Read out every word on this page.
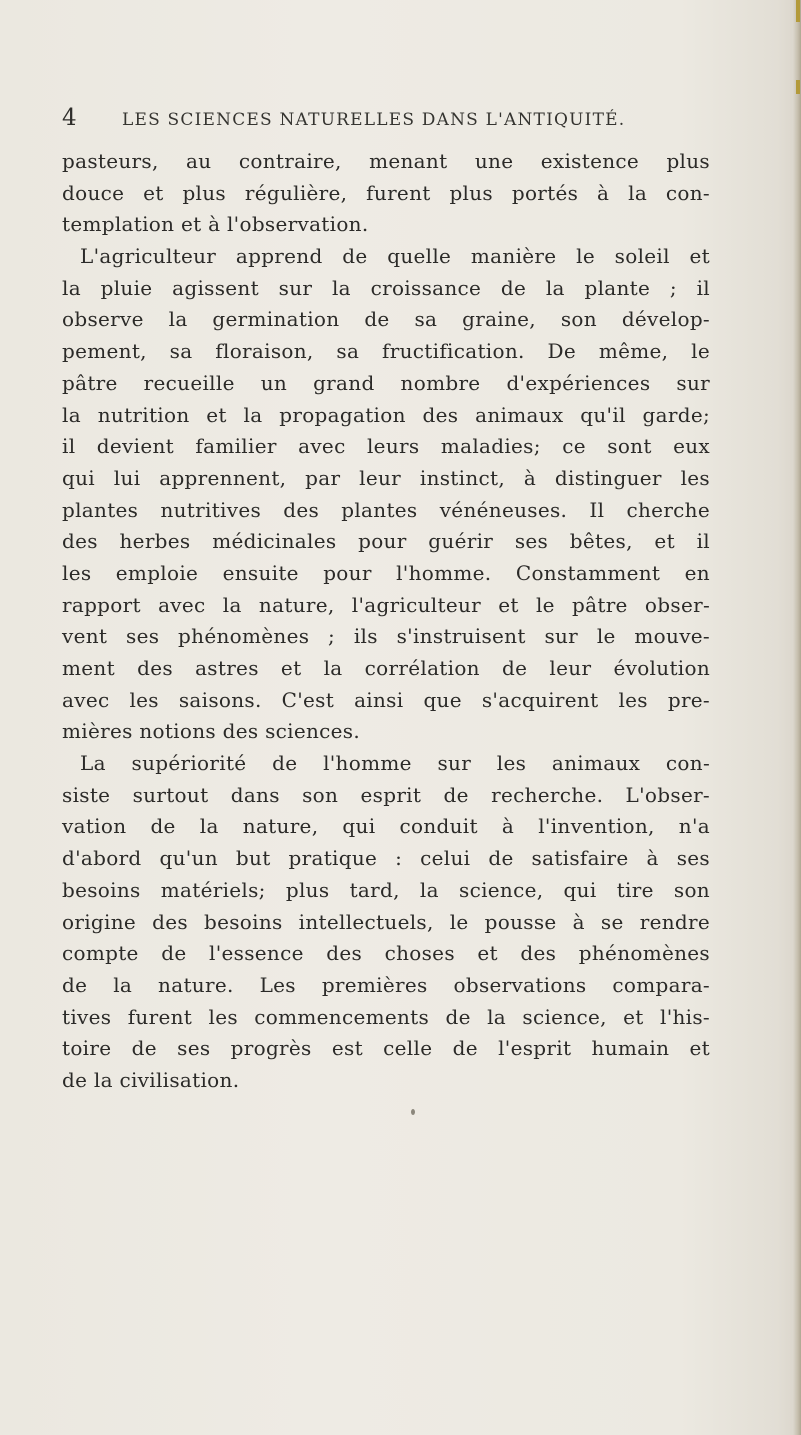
4	LES SCIENCES NATURELLES DANS L'ANTIQUITÉ.
pasteurs, au contraire, menant une existence plus
douce et plus régulière, furent plus portés à la con-
templation et à l'observation.
L'agriculteur apprend de quelle manière le soleil et
la pluie agissent sur la croissance de la plante ; il
observe la germination de sa graine, son dévelop-
pement, sa floraison, sa fructification. De même, le
pâtre recueille un grand nombre d'expériences sur
la nutrition et la propagation des animaux qu'il garde;
il devient familier avec leurs maladies; ce sont eux
qui lui apprennent, par leur instinct, à distinguer les
plantes nutritives des plantes vénéneuses. Il cherche
des herbes médicinales pour guérir ses bêtes, et il
les emploie ensuite pour l'homme. Constamment en
rapport avec la nature, l'agriculteur et le pâtre obser-
vent ses phénomènes ; ils s'instruisent sur le mouve-
ment des astres et la corrélation de leur évolution
avec les saisons. C'est ainsi que s'acquirent les pre-
mières notions des sciences.
La supériorité de l'homme sur les animaux con-
siste surtout dans son esprit de recherche. L'obser-
vation de la nature, qui conduit à l'invention, n'a
d'abord qu'un but pratique : celui de satisfaire à ses
besoins matériels; plus tard, la science, qui tire son
origine des besoins intellectuels, le pousse à se rendre
compte de l'essence des choses et des phénomènes
de la nature. Les premières observations compara-
tives furent les commencements de la science, et l'his-
toire de ses progrès est celle de l'esprit humain et
de la civilisation.
